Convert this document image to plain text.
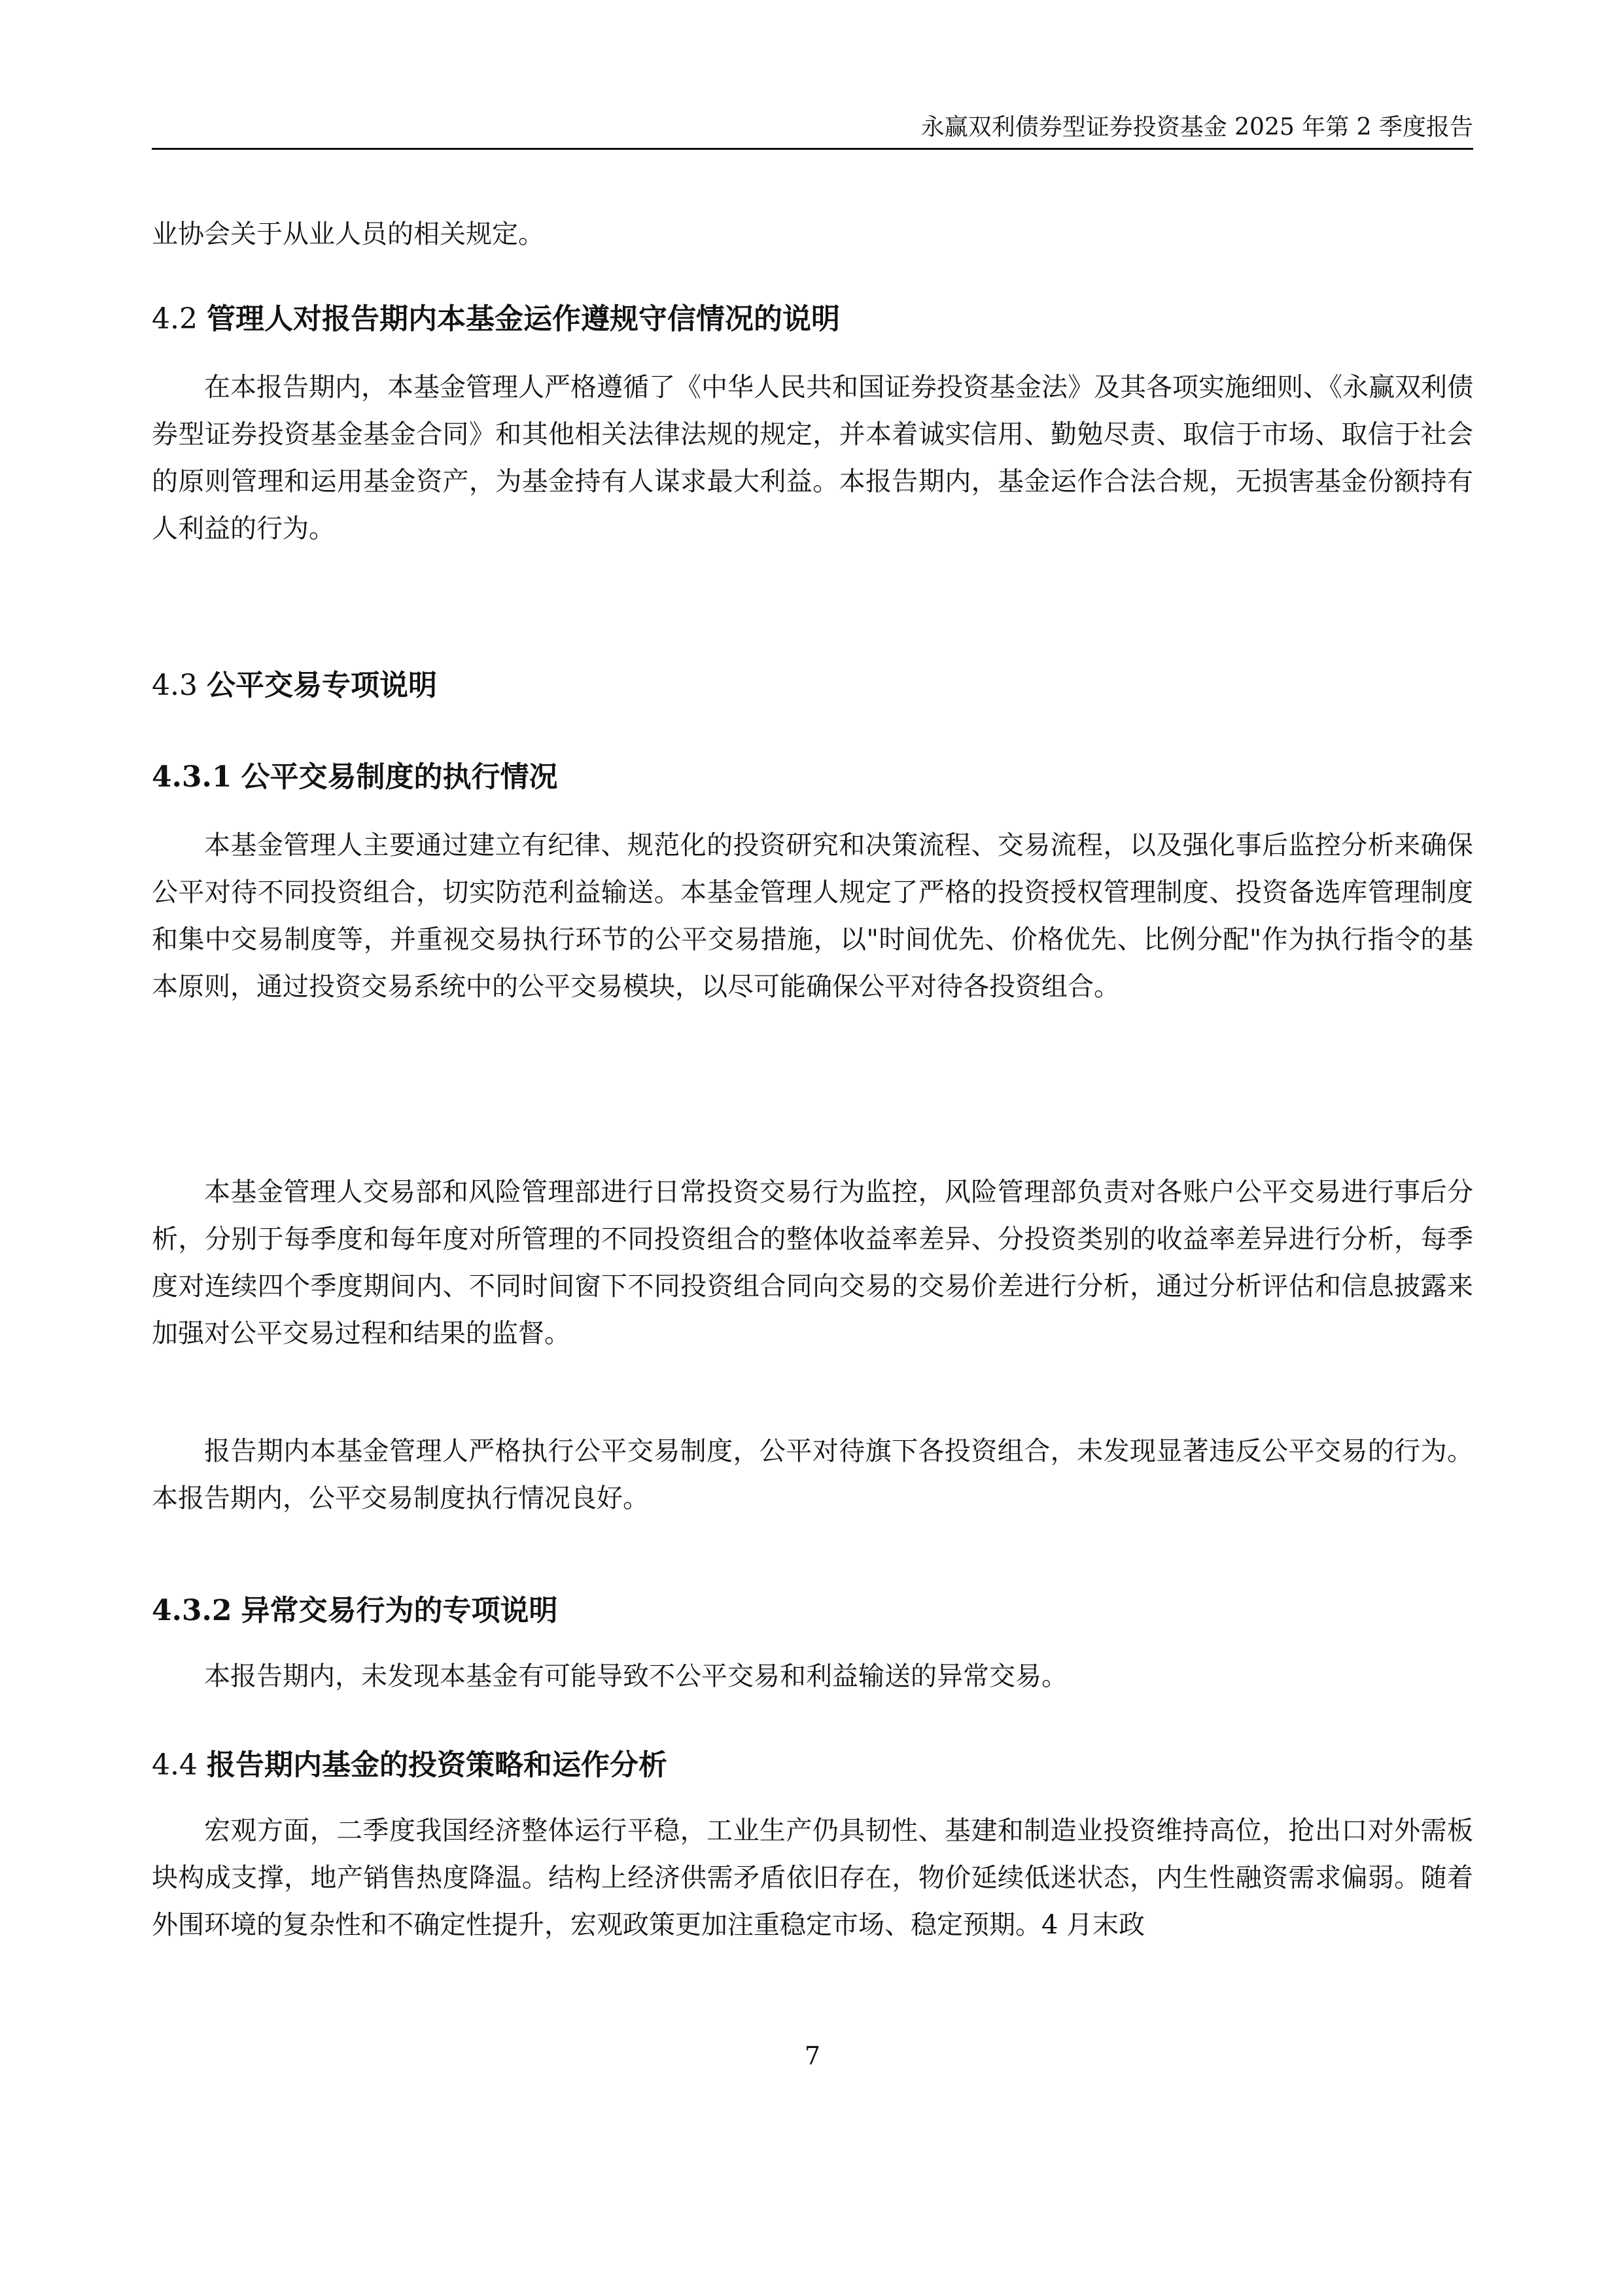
永赢双利债券型证券投资基金 2025 年第 2 季度报告

业协会关于从业人员的相关规定。

4.2 管理人对报告期内本基金运作遵规守信情况的说明

在本报告期内，本基金管理人严格遵循了《中华人民共和国证券投资基金法》及其各项实施细则、《永赢双利债券型证券投资基金基金合同》和其他相关法律法规的规定，并本着诚实信用、勤勉尽责、取信于市场、取信于社会的原则管理和运用基金资产，为基金持有人谋求最大利益。本报告期内，基金运作合法合规，无损害基金份额持有人利益的行为。

4.3 公平交易专项说明
4.3.1 公平交易制度的执行情况

本基金管理人主要通过建立有纪律、规范化的投资研究和决策流程、交易流程，以及强化事后监控分析来确保公平对待不同投资组合，切实防范利益输送。本基金管理人规定了严格的投资授权管理制度、投资备选库管理制度和集中交易制度等，并重视交易执行环节的公平交易措施，以"时间优先、价格优先、比例分配"作为执行指令的基本原则，通过投资交易系统中的公平交易模块，以尽可能确保公平对待各投资组合。

本基金管理人交易部和风险管理部进行日常投资交易行为监控，风险管理部负责对各账户公平交易进行事后分析，分别于每季度和每年度对所管理的不同投资组合的整体收益率差异、分投资类别的收益率差异进行分析，每季度对连续四个季度期间内、不同时间窗下不同投资组合同向交易的交易价差进行分析，通过分析评估和信息披露来加强对公平交易过程和结果的监督。

报告期内本基金管理人严格执行公平交易制度，公平对待旗下各投资组合，未发现显著违反公平交易的行为。本报告期内，公平交易制度执行情况良好。

4.3.2 异常交易行为的专项说明

本报告期内，未发现本基金有可能导致不公平交易和利益输送的异常交易。

4.4 报告期内基金的投资策略和运作分析

宏观方面，二季度我国经济整体运行平稳，工业生产仍具韧性、基建和制造业投资维持高位，抢出口对外需板块构成支撑，地产销售热度降温。结构上经济供需矛盾依旧存在，物价延续低迷状态，内生性融资需求偏弱。随着外围环境的复杂性和不确定性提升，宏观政策更加注重稳定市场、稳定预期。4 月末政

7
